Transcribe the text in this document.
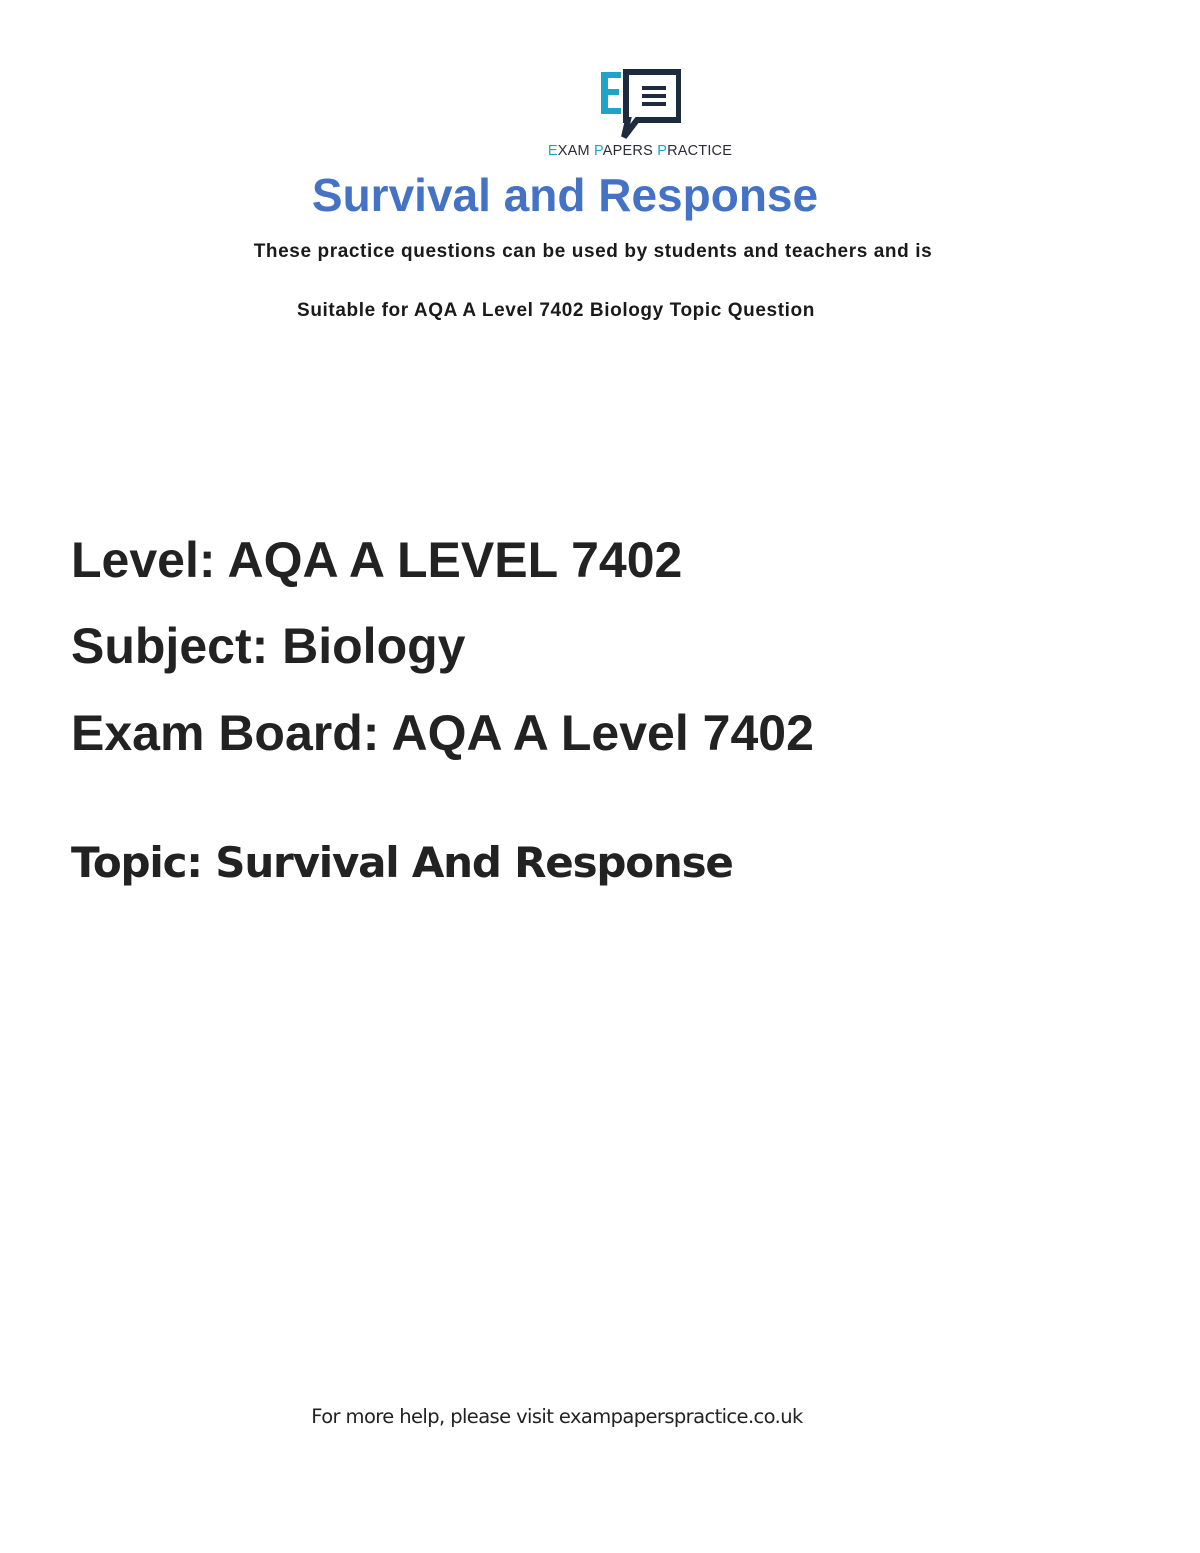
EXAM PAPERS PRACTICE
Survival and Response
These practice questions can be used by students and teachers and is
Suitable for AQA A Level 7402 Biology Topic Question
Level: AQA A LEVEL 7402
Subject: Biology
Exam Board: AQA A Level 7402
Topic: Survival And Response
For more help, please visit exampaperspractice.co.uk
